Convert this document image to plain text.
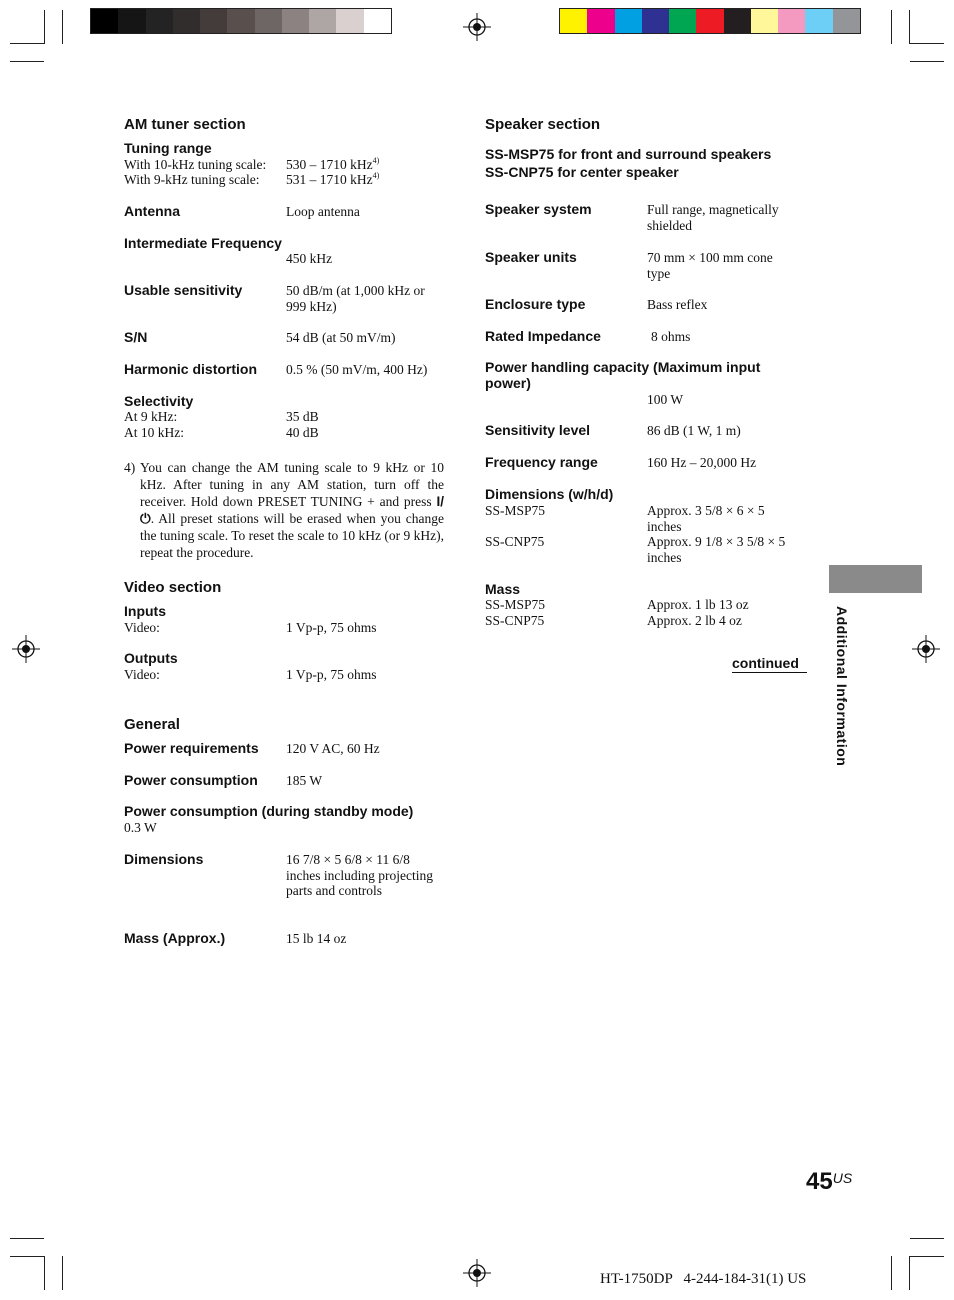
AM tuner section
Tuning range
With 10-kHz tuning scale: 530 – 1710 kHz$^{4)}$
With 9-kHz tuning scale: 531 – 1710 kHz$^{4)}$
Antenna	Loop antenna
Intermediate Frequency
450 kHz
Usable sensitivity	50 dB/m (at 1,000 kHz or 999 kHz)
S/N	54 dB (at 50 mV/m)
Harmonic distortion 0.5 % (50 mV/m, 400 Hz)
Selectivity
At 9 kHz:	35 dB
At 10 kHz:	40 dB
4) You can change the AM tuning scale to 9 kHz or 10 kHz. After tuning in any AM station, turn off the receiver. Hold down PRESET TUNING + and press I/⏻. All preset stations will be erased when you change the tuning scale. To reset the scale to 10 kHz (or 9 kHz), repeat the procedure.
Video section
Inputs
Video:	1 Vp-p, 75 ohms
Outputs
Video:	1 Vp-p, 75 ohms
General
Power requirements 120 V AC, 60 Hz
Power consumption 185 W
Power consumption (during standby mode)
0.3 W
Dimensions	16 7/8 × 5 6/8 × 11 6/8 inches including projecting parts and controls
Mass (Approx.)	15 lb 14 oz
Speaker section
SS-MSP75 for front and surround speakers
SS-CNP75 for center speaker
Speaker system	Full range, magnetically shielded
Speaker units	70 mm × 100 mm cone type
Enclosure type	Bass reflex
Rated Impedance	8 ohms
Power handling capacity (Maximum input power)
100 W
Sensitivity level	86 dB (1 W, 1 m)
Frequency range	160 Hz – 20,000 Hz
Dimensions (w/h/d)
SS-MSP75	Approx. 3 5/8 × 6 × 5 inches
SS-CNP75	Approx. 9 1/8 × 3 5/8 × 5 inches
Mass
SS-MSP75	Approx. 1 lb 13 oz
SS-CNP75	Approx. 2 lb 4 oz
continued	Additional Information
$45^{US}$
HT-1750DP   4-244-184-31(1) US
